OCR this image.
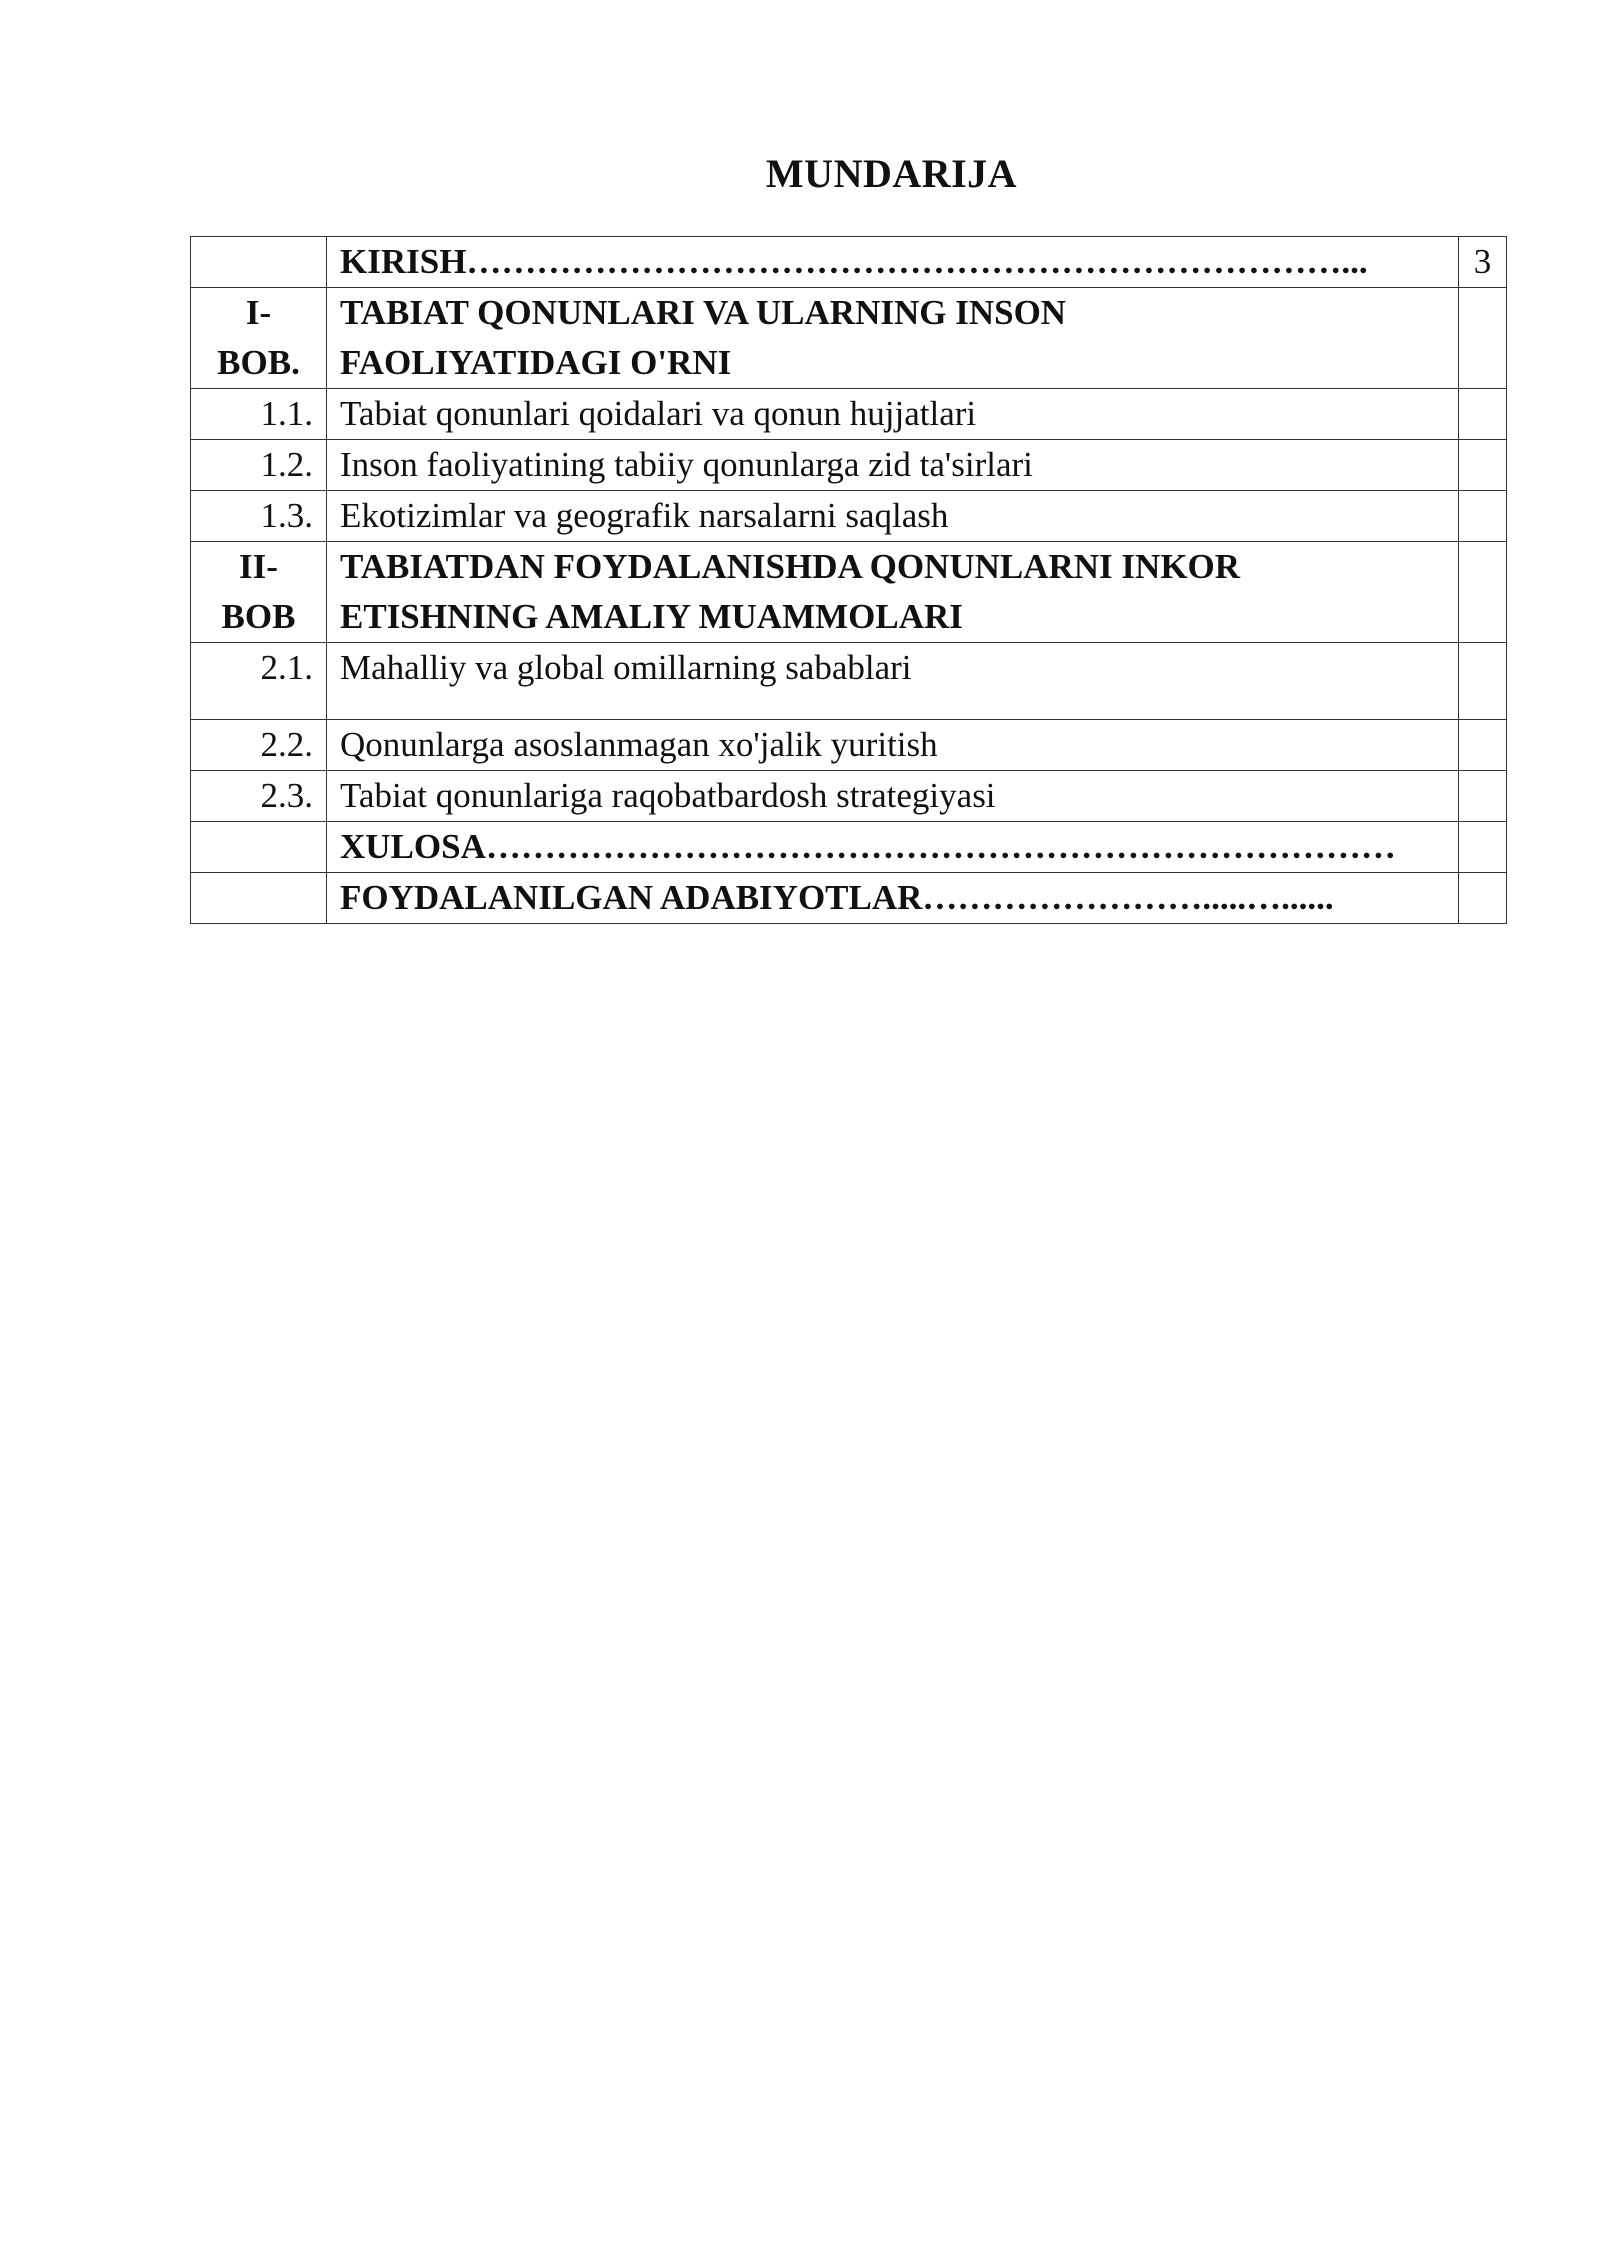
MUNDARIJA
	KIRISH…………………………………………………………………...	3

I-
BOB.	TABIAT QONUNLARI VA ULARNING INSON
FAOLIYATIDAGI O'RNI	

1.1.	Tabiat qonunlari qoidalari va qonun hujjatlari	
1.2.	Inson faoliyatining tabiiy qonunlarga zid ta'sirlari	
1.3.	Ekotizimlar va geografik narsalarni saqlash	

II-
BOB	TABIATDAN FOYDALANISHDA QONUNLARNI INKOR
ETISHNING AMALIY MUAMMOLARI	

2.1.	Mahalliy va global omillarning sabablari	
2.2.	Qonunlarga asoslanmagan xo'jalik yuritish	
2.3.	Tabiat qonunlariga raqobatbardosh strategiyasi	
	XULOSA……………………………………………………………………	
	FOYDALANILGAN ADABIYOTLAR…………………….....…......	
